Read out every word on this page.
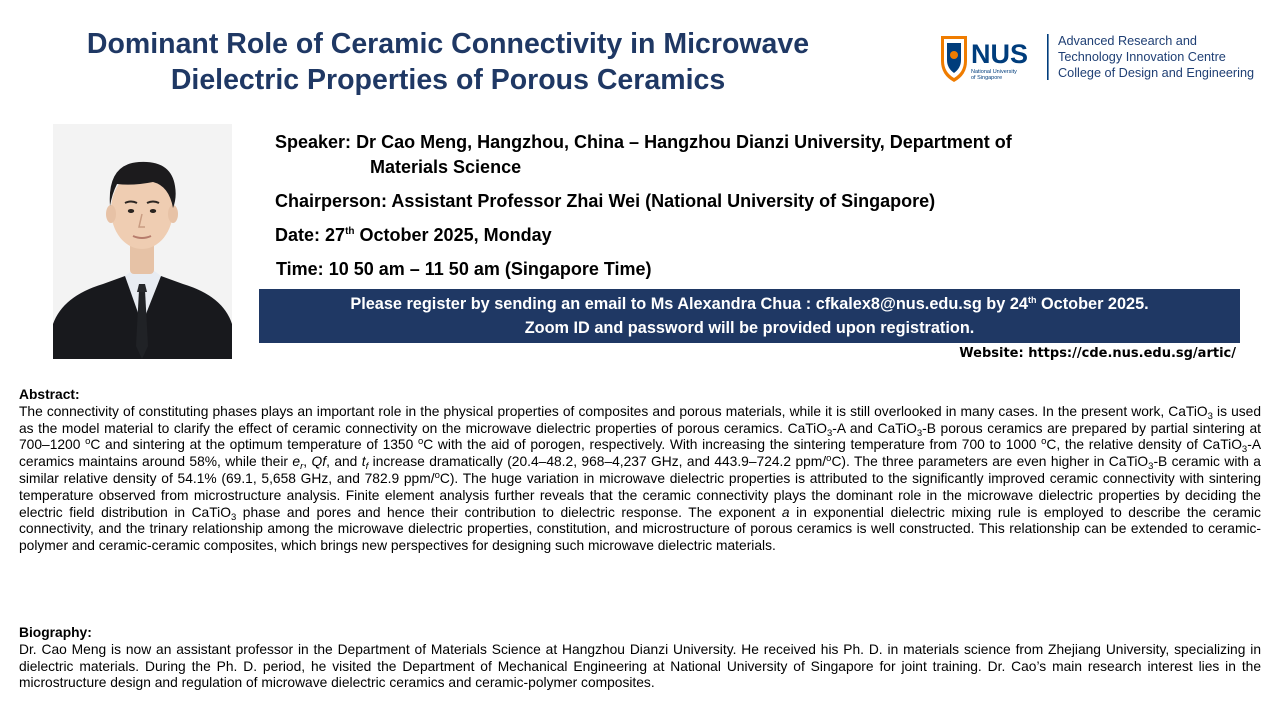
Dominant Role of Ceramic Connectivity in Microwave
Dielectric Properties of Porous Ceramics
NUS
National University
of Singapore
Advanced Research and
Technology Innovation Centre
College of Design and Engineering
Speaker: Dr Cao Meng, Hangzhou, China – Hangzhou Dianzi University, Department of
Materials Science
Chairperson: Assistant Professor Zhai Wei (National University of Singapore)
Date: 27th October 2025, Monday
Time: 10 50 am – 11 50 am (Singapore Time)
Please register by sending an email to Ms Alexandra Chua : cfkalex8@nus.edu.sg by 24th October 2025.
Zoom ID and password will be provided upon registration.
Website: https://cde.nus.edu.sg/artic/
Abstract:
The connectivity of constituting phases plays an important role in the physical properties of composites and porous materials, while it is still overlooked in many cases. In the present work, CaTiO$_3$ is used as the model material to clarify the effect of ceramic connectivity on the microwave dielectric properties of porous ceramics. CaTiO$_3$-A and CaTiO$_3$-B porous ceramics are prepared by partial sintering at 700–1200 $^o$C and sintering at the optimum temperature of 1350 $^o$C with the aid of porogen, respectively. With increasing the sintering temperature from 700 to 1000 $^o$C, the relative density of CaTiO$_3$-A ceramics maintains around 58%, while their $e_r$, Qf, and $t_f$ increase dramatically (20.4–48.2, 968–4,237 GHz, and 443.9–724.2 ppm/$^o$C). The three parameters are even higher in CaTiO$_3$-B ceramic with a similar relative density of 54.1% (69.1, 5,658 GHz, and 782.9 ppm/$^o$C). The huge variation in microwave dielectric properties is attributed to the significantly improved ceramic connectivity with sintering temperature observed from microstructure analysis. Finite element analysis further reveals that the ceramic connectivity plays the dominant role in the microwave dielectric properties by deciding the electric field distribution in CaTiO$_3$ phase and pores and hence their contribution to dielectric response. The exponent a in exponential dielectric mixing rule is employed to describe the ceramic connectivity, and the trinary relationship among the microwave dielectric properties, constitution, and microstructure of porous ceramics is well constructed. This relationship can be extended to ceramic-polymer and ceramic-ceramic composites, which brings new perspectives for designing such microwave dielectric materials.
Biography:
Dr. Cao Meng is now an assistant professor in the Department of Materials Science at Hangzhou Dianzi University. He received his Ph. D. in materials science from Zhejiang University, specializing in dielectric materials. During the Ph. D. period, he visited the Department of Mechanical Engineering at National University of Singapore for joint training. Dr. Cao’s main research interest lies in the microstructure design and regulation of microwave dielectric ceramics and ceramic-polymer composites.
